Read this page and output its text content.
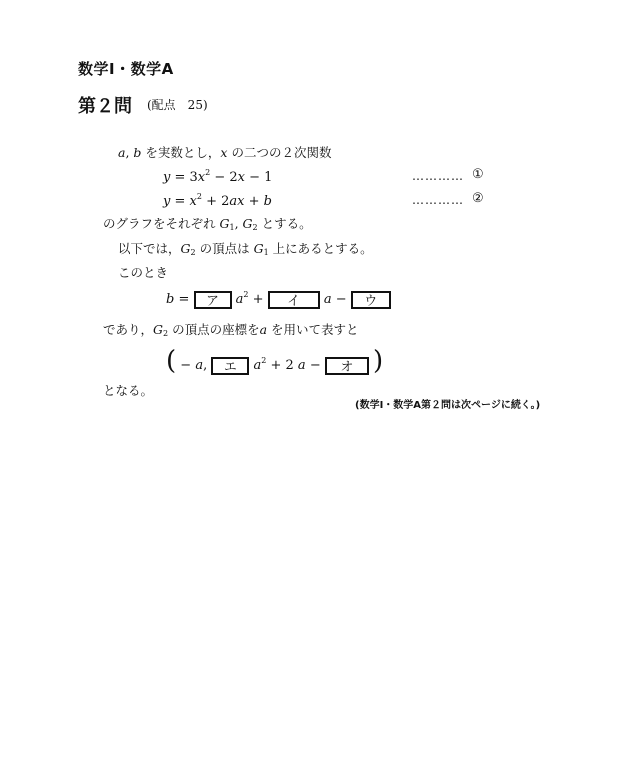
数学Ⅰ・数学A
第２問 (配点　25)
a, b を実数とし，x の二つの２次関数
$y = 3x^2 - 2x - 1$	………… ①
$y = x^2 + 2ax + b$	………… ②
のグラフをそれぞれ $G_1$, $G_2$ とする。
以下では，$G_2$ の頂点は $G_1$ 上にあるとする。
このとき
b = ア $a^2$ + イ a − ウ
であり，$G_2$ の頂点の座標をa を用いて表すと
( − a, エ $a^2 + 2$ a − オ )
となる。
(数学Ⅰ・数学A第２問は次ページに続く。)
